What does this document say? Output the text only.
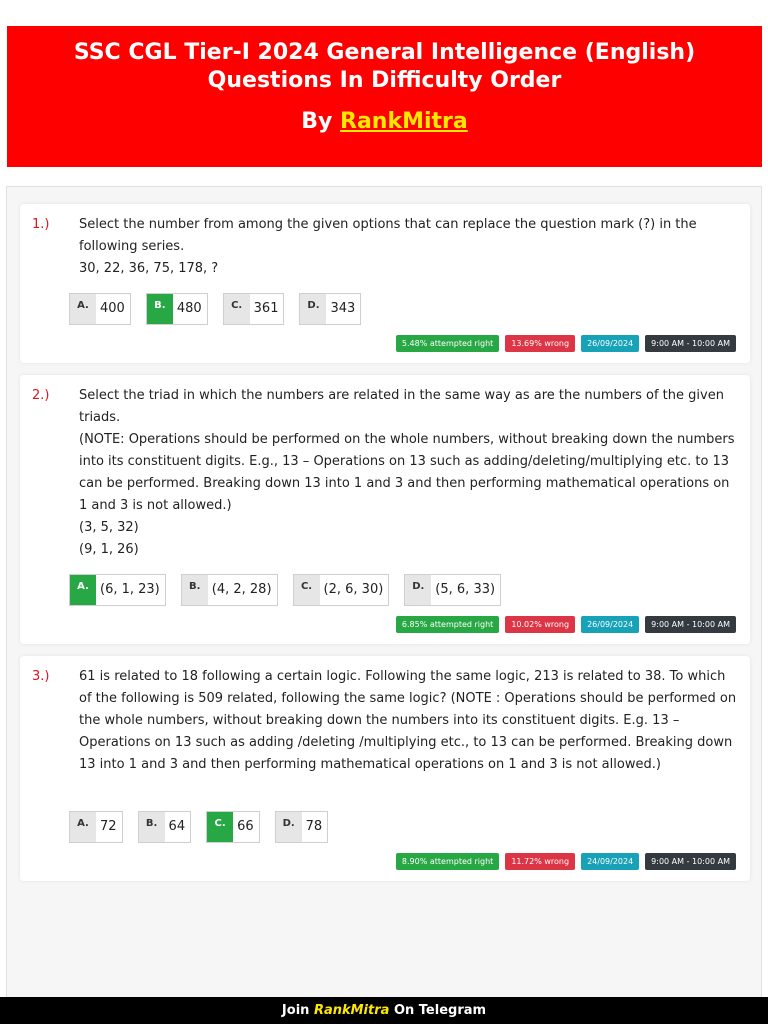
SSC CGL Tier-I 2024 General Intelligence (English) Questions In Difficulty Order
By RankMitra
1.) Select the number from among the given options that can replace the question mark (?) in the following series.
30, 22, 36, 75, 178, ?
A. 400	B. 480	C. 361	D. 343
5.48% attempted right	13.69% wrong	26/09/2024	9:00 AM - 10:00 AM
2.) Select the triad in which the numbers are related in the same way as are the numbers of the given triads.
(NOTE: Operations should be performed on the whole numbers, without breaking down the numbers into its constituent digits. E.g., 13 – Operations on 13 such as adding/deleting/multiplying etc. to 13 can be performed. Breaking down 13 into 1 and 3 and then performing mathematical operations on 1 and 3 is not allowed.)
(3, 5, 32)
(9, 1, 26)
A. (6, 1, 23)	B. (4, 2, 28)	C. (2, 6, 30)	D. (5, 6, 33)
6.85% attempted right	10.02% wrong	26/09/2024	9:00 AM - 10:00 AM
3.) 61 is related to 18 following a certain logic. Following the same logic, 213 is related to 38. To which of the following is 509 related, following the same logic? (NOTE : Operations should be performed on the whole numbers, without breaking down the numbers into its constituent digits. E.g. 13 – Operations on 13 such as adding /deleting /multiplying etc., to 13 can be performed. Breaking down 13 into 1 and 3 and then performing mathematical operations on 1 and 3 is not allowed.)
A. 72	B. 64	C. 66	D. 78
8.90% attempted right	11.72% wrong	24/09/2024	9:00 AM - 10:00 AM
Join RankMitra On Telegram
